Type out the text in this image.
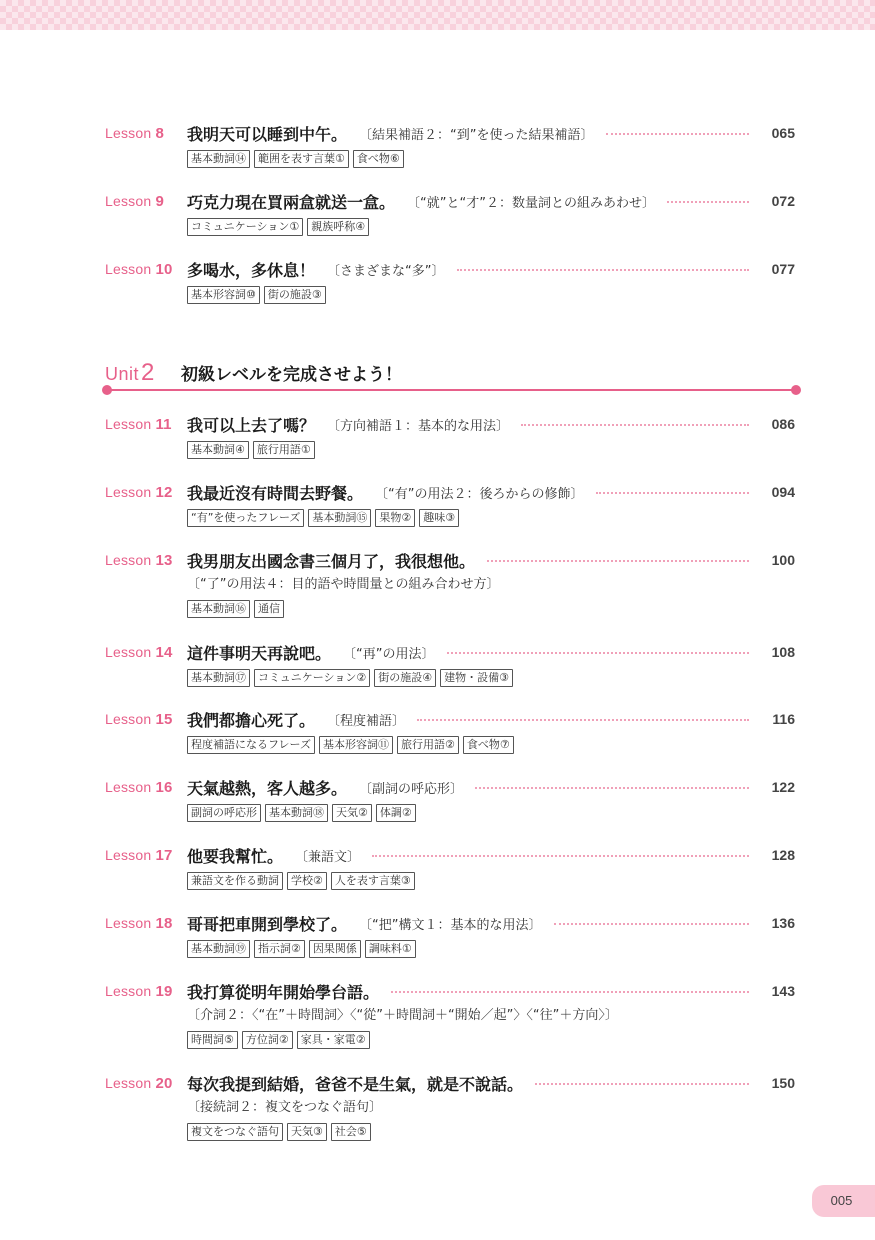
Lesson 8	我明天可以睡到中午。 〔結果補語２：“到”を使った結果補語〕	065
基本動詞⑭	範囲を表す言葉①	食べ物⑥
Lesson 9	巧克力現在買兩盒就送一盒。 〔“就”と“才”２：数量詞との組みあわせ〕	072
コミュニケーション①	親族呼称④
Lesson 10 多喝水，多休息！ 〔さまざまな“多”〕	077
基本形容詞⑩	街の施設③
Unit2 初級レベルを完成させよう！
Lesson 11 我可以上去了嗎？ 〔方向補語１：基本的な用法〕	086
基本動詞④	旅行用語①
Lesson 12 我最近沒有時間去野餐。 〔“有”の用法２：後ろからの修飾〕	094
“有”を使ったフレーズ	基本動詞⑮	果物②	趣味③
Lesson 13 我男朋友出國念書三個月了，我很想他。	100
〔“了”の用法４：目的語や時間量との組み合わせ方〕
基本動詞⑯	通信
Lesson 14 這件事明天再說吧。 〔“再”の用法〕	108
基本動詞⑰	コミュニケーション②	街の施設④	建物・設備③
Lesson 15 我們都擔心死了。 〔程度補語〕	116
程度補語になるフレーズ	基本形容詞⑪	旅行用語②	食べ物⑦
Lesson 16 天氣越熱，客人越多。 〔副詞の呼応形〕	122
副詞の呼応形	基本動詞⑱	天気②	体調②
Lesson 17 他要我幫忙。 〔兼語文〕	128
兼語文を作る動詞	学校②	人を表す言葉③
Lesson 18 哥哥把車開到學校了。 〔“把”構文１：基本的な用法〕	136
基本動詞⑲	指示詞②	因果関係	調味料①
Lesson 19 我打算從明年開始學台語。	143
〔介詞２：〈“在”＋時間詞〉〈“從”＋時間詞＋“開始／起”〉〈“往”＋方向〉〕
時間詞⑤	方位詞②	家具・家電②
Lesson 20 每次我提到結婚，爸爸不是生氣，就是不說話。	150
〔接続詞２：複文をつなぐ語句〕
複文をつなぐ語句	天気③	社会⑤
005
